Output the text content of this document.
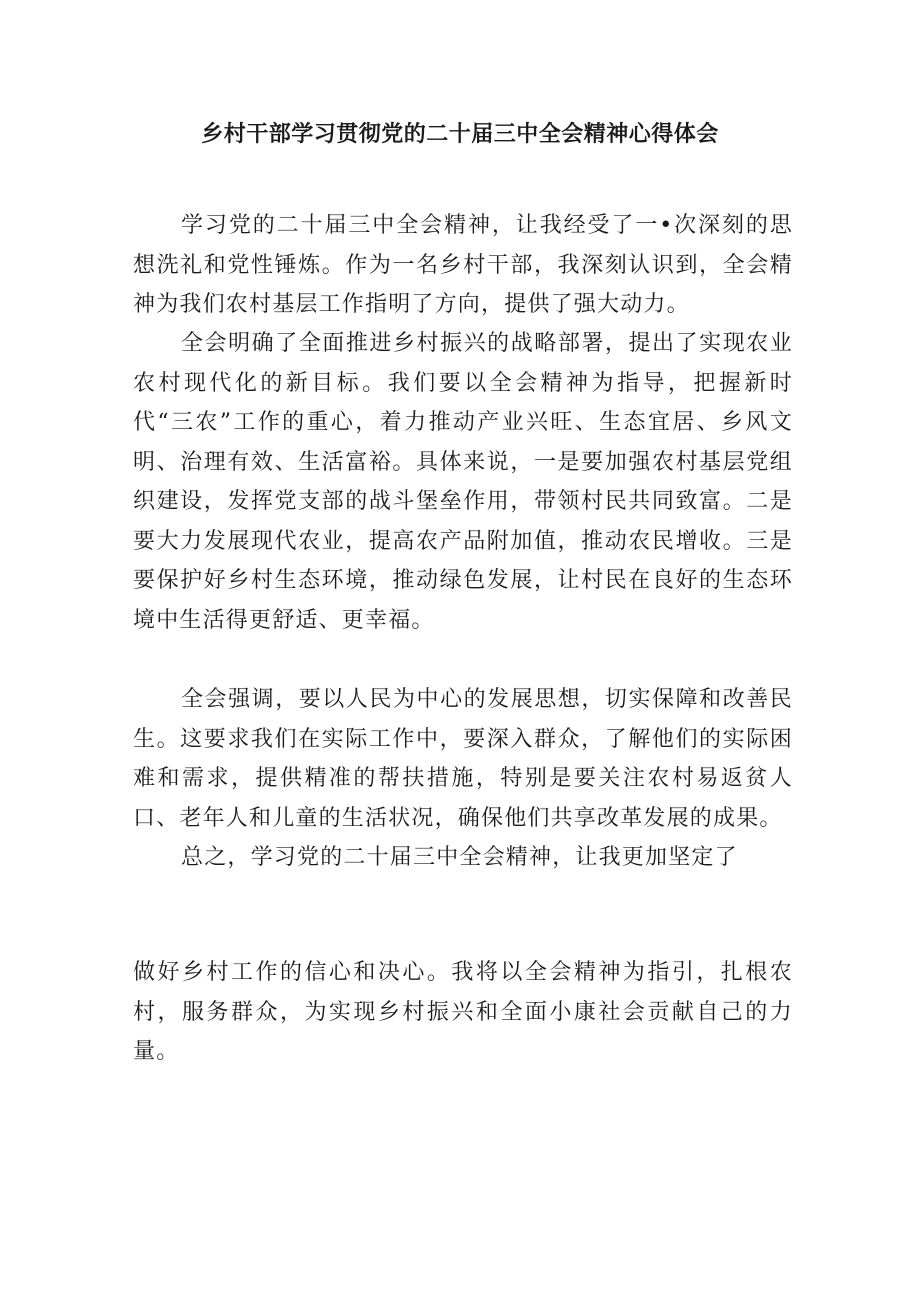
乡村干部学习贯彻党的二十届三中全会精神心得体会

学习党的二十届三中全会精神，让我经受了一•次深刻的思想洗礼和党性锤炼。作为一名乡村干部，我深刻认识到，全会精神为我们农村基层工作指明了方向，提供了强大动力。

全会明确了全面推进乡村振兴的战略部署，提出了实现农业农村现代化的新目标。我们要以全会精神为指导，把握新时代“三农”工作的重心，着力推动产业兴旺、生态宜居、乡风文明、治理有效、生活富裕。具体来说，一是要加强农村基层党组织建设，发挥党支部的战斗堡垒作用，带领村民共同致富。二是要大力发展现代农业，提高农产品附加值，推动农民增收。三是要保护好乡村生态环境，推动绿色发展，让村民在良好的生态环境中生活得更舒适、更幸福。

全会强调，要以人民为中心的发展思想，切实保障和改善民生。这要求我们在实际工作中，要深入群众，了解他们的实际困难和需求，提供精准的帮扶措施，特别是要关注农村易返贫人口、老年人和儿童的生活状况，确保他们共享改革发展的成果。

总之，学习党的二十届三中全会精神，让我更加坚定了

做好乡村工作的信心和决心。我将以全会精神为指引，扎根农村，服务群众，为实现乡村振兴和全面小康社会贡献自己的力量。
